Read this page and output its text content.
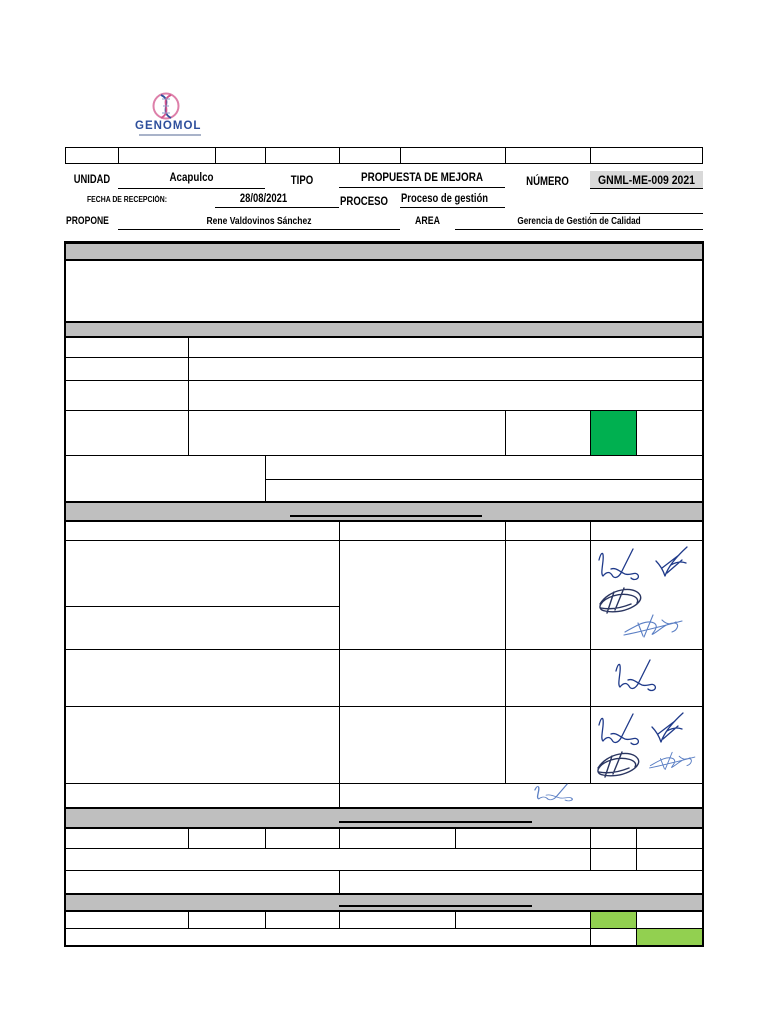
GENOMOL
UNIDAD	Acapulco	TIPO	PROPUESTA DE MEJORA	NÚMERO	GNML-ME-009 2021
FECHA DE RECEPCIÓN:	28/08/2021	PROCESO Proceso de gestión
PROPONE	Rene Valdovinos Sánchez	AREA	Gerencia de Gestión de Calidad
